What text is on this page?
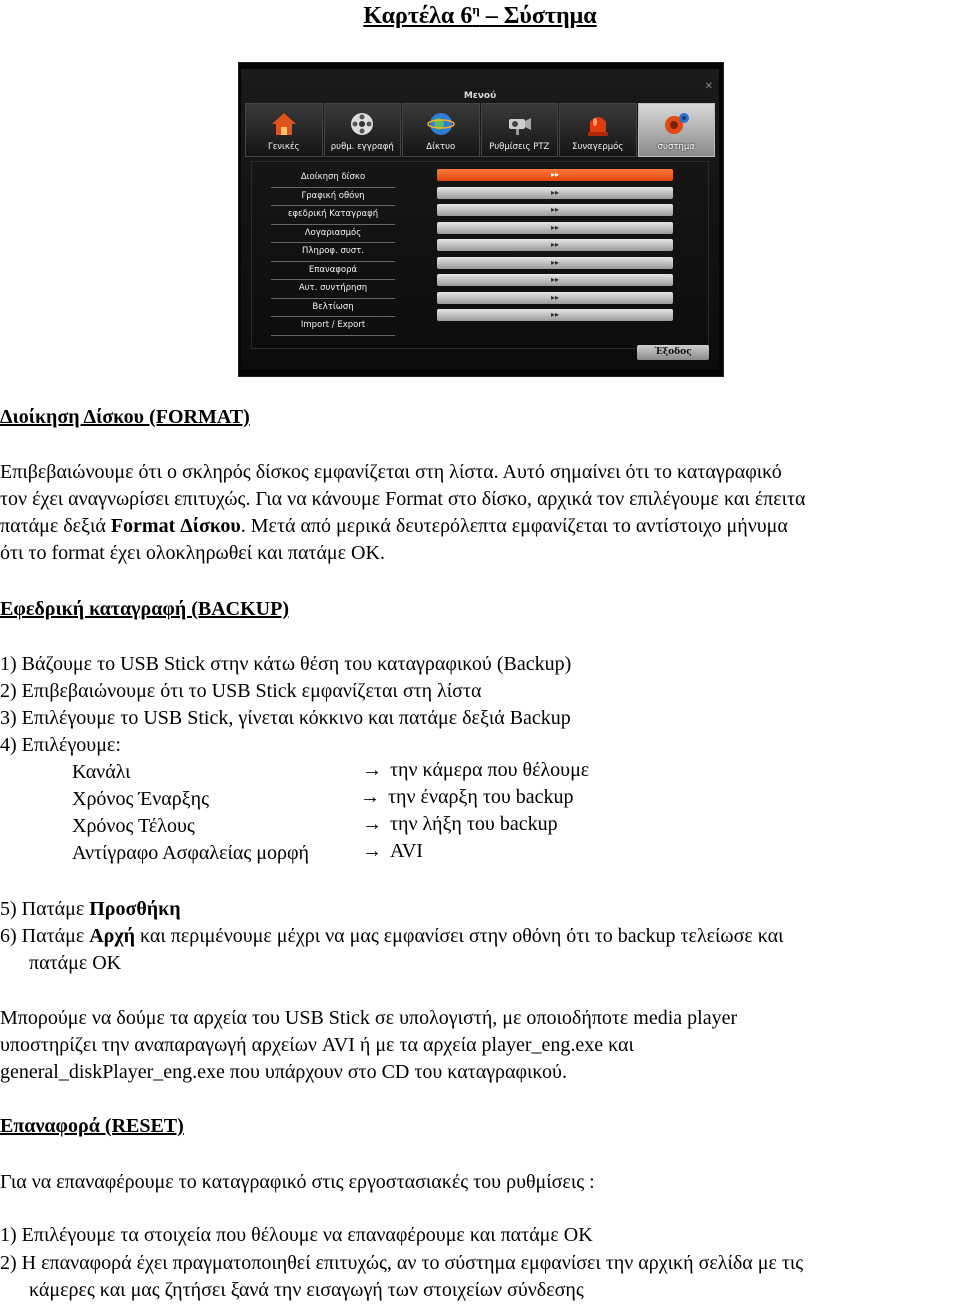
Καρτέλα $6^\eta$ – Σύστημα
✕
Μενού
Γενικές	ρυθμ. εγγραφή	Δίκτυο	Ρυθμίσεις PTZ	Συναγερμός	σύστημα
Διοίκηση δίσκο
Γραφική οθόνη
εφεδρική Καταγραφή
Λογαριασμός
Πληροφ. συστ.
Επαναφορά
Αυτ. συντήρηση
Βελτίωση
Import / Export
▸▸
▸▸
▸▸
▸▸
▸▸
▸▸
▸▸
▸▸
▸▸
Έξοδος
Διοίκηση Δίσκου (FORMAT)
Επιβεβαιώνουμε ότι ο σκληρός δίσκος εμφανίζεται στη λίστα. Αυτό σημαίνει ότι το καταγραφικό
τον έχει αναγνωρίσει επιτυχώς. Για να κάνουμε Format στο δίσκο, αρχικά τον επιλέγουμε και έπειτα
πατάμε δεξιά Format Δίσκου. Μετά από μερικά δευτερόλεπτα εμφανίζεται το αντίστοιχο μήνυμα
ότι το format έχει ολοκληρωθεί και πατάμε OK.
Εφεδρική καταγραφή (BACKUP)
1) Βάζουμε το USB Stick στην κάτω θέση του καταγραφικού (Backup)
2) Επιβεβαιώνουμε ότι το USB Stick εμφανίζεται στη λίστα
3) Επιλέγουμε το USB Stick, γίνεται κόκκινο και πατάμε δεξιά Backup
4) Επιλέγουμε:
Κανάλι	→ την κάμερα που θέλουμε
Χρόνος Έναρξης	→ την έναρξη του backup
Χρόνος Τέλους	→ την λήξη του backup
Αντίγραφο Ασφαλείας μορφή	→ AVI
5) Πατάμε Προσθήκη
6) Πατάμε Αρχή και περιμένουμε μέχρι να μας εμφανίσει στην οθόνη ότι το backup τελείωσε και
πατάμε OK
Μπορούμε να δούμε τα αρχεία του USB Stick σε υπολογιστή, με οποιοδήποτε media player
υποστηρίζει την αναπαραγωγή αρχείων AVI ή με τα αρχεία player_eng.exe και
general_diskPlayer_eng.exe που υπάρχουν στο CD του καταγραφικού.
Επαναφορά (RESET)
Για να επαναφέρουμε το καταγραφικό στις εργοστασιακές του ρυθμίσεις :
1) Επιλέγουμε τα στοιχεία που θέλουμε να επαναφέρουμε και πατάμε OK
2) Η επαναφορά έχει πραγματοποιηθεί επιτυχώς, αν το σύστημα εμφανίσει την αρχική σελίδα με τις
κάμερες και μας ζητήσει ξανά την εισαγωγή των στοιχείων σύνδεσης
